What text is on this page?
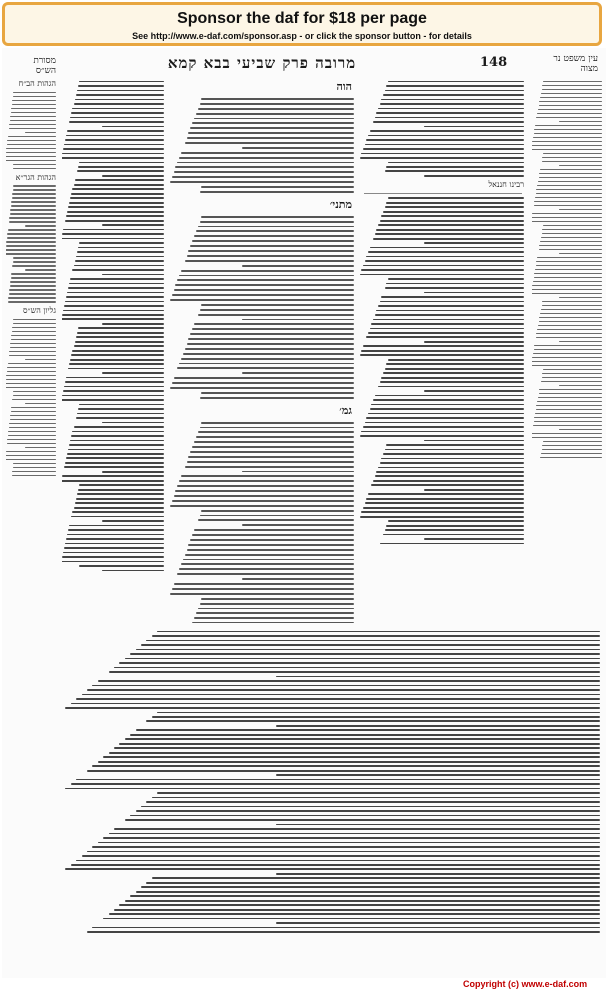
Sponsor the daf for $18 per page
See http://www.e-daf.com/sponsor.asp - or click the sponsor button - for details
מסורת הש״ס	מרובה פרק שביעי בבא קמא	148	עין משפט נר מצוה
רבינו חננאל
הוה
מתני׳
גמ׳
הגהות הב״ח
הגהות הגר״א
גליון הש״ס
Copyright (c) www.e-daf.com
